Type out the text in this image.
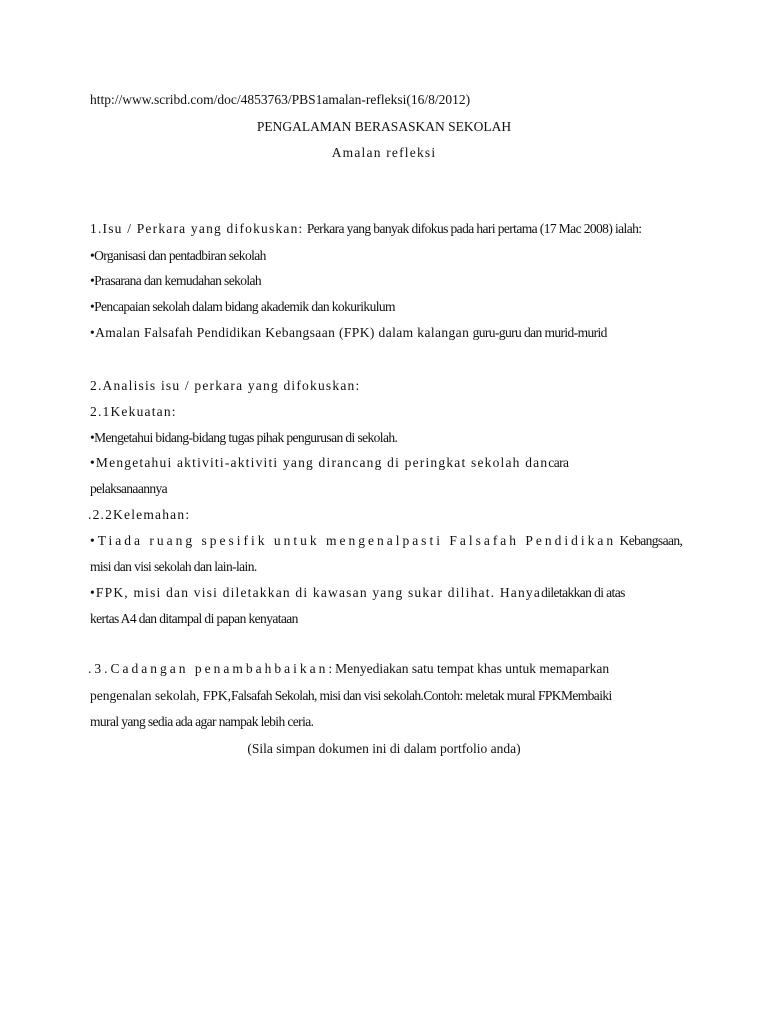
http://www.scribd.com/doc/4853763/PBS1amalan-refleksi(16/8/2012)
PENGALAMAN BERASASKAN SEKOLAH
Amalan refleksi
1.Isu / Perkara yang difokuskan: Perkara yang banyak difokus pada hari pertama (17 Mac 2008) ialah:
•Organisasi dan pentadbiran sekolah
•Prasarana dan kemudahan sekolah
•Pencapaian sekolah dalam bidang akademik dan kokurikulum
•Amalan Falsafah Pendidikan Kebangsaan (FPK) dalam kalangan guru-guru dan murid-murid
2.Analisis isu / perkara yang difokuskan:
2.1Kekuatan:
•Mengetahui bidang-bidang tugas pihak pengurusan di sekolah.
•Mengetahui aktiviti-aktiviti yang dirancang di peringkat sekolah dancara
pelaksanaannya
.2.2Kelemahan:
•Tiada ruang spesifik untuk mengenalpasti Falsafah Pendidikan Kebangsaan,
misi dan visi sekolah dan lain-lain.
•FPK, misi dan visi diletakkan di kawasan yang sukar dilihat. Hanyadiletakkan di atas
kertas A4 dan ditampal di papan kenyataan
.3.Cadangan penambahbaikan:Menyediakan satu tempat khas untuk memaparkan
pengenalan sekolah, FPK,Falsafah Sekolah, misi dan visi sekolah.Contoh: meletak mural FPKMembaiki
mural yang sedia ada agar nampak lebih ceria.
(Sila simpan dokumen ini di dalam portfolio anda)
